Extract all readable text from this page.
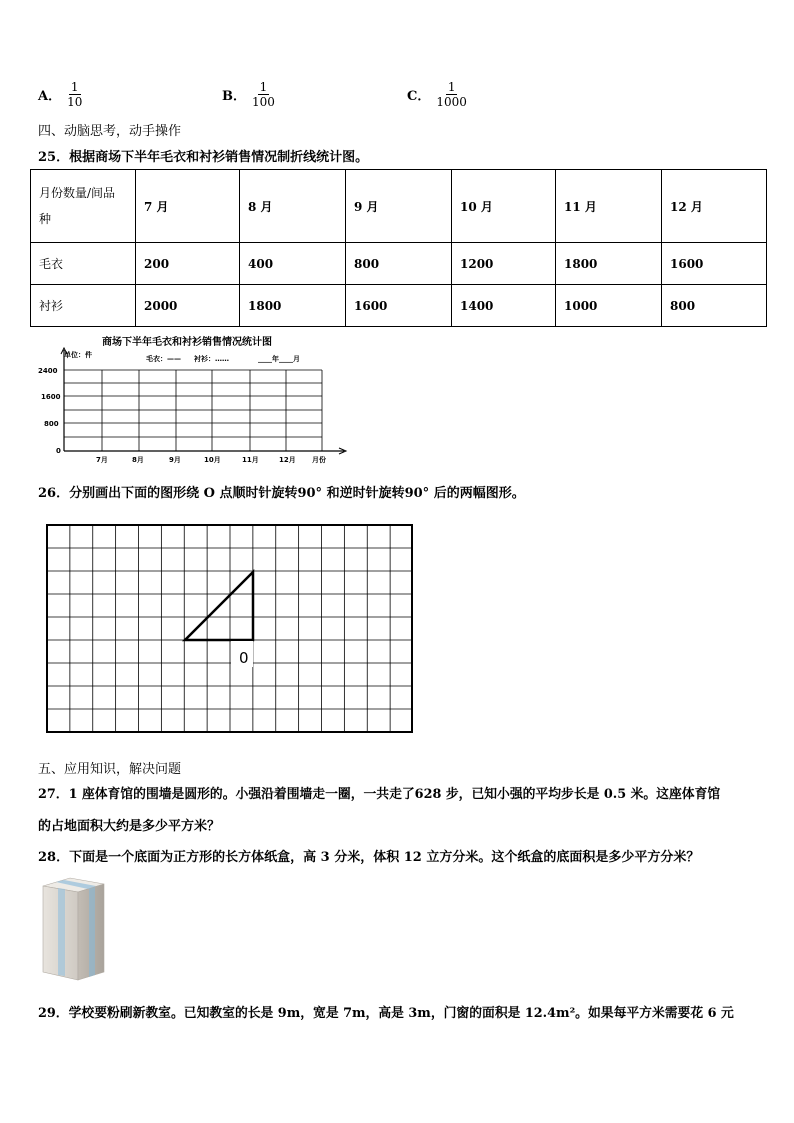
A． $\frac{1}{10}$	B． $\frac{1}{100}$	C． $\frac{1}{1000}$
四、动脑思考，动手操作
25．根据商场下半年毛衣和衬衫销售情况制折线统计图。
月份数量/间品
种	7 月	8 月	9 月	10 月	11 月	12 月
毛衣	200	400	800	1200	1800	1600
衬衫	2000	1800	1600	1400	1000	800
商场下半年毛衣和衬衫销售情况统计图
单位：件	毛衣：—— 衬衫：……	____年____月
2400
1600
800
0
7月	8月	9月	10月	11月	12月 月份
26．分别画出下面的图形绕 O 点顺时针旋转90° 和逆时针旋转90° 后的两幅图形。
0
五、应用知识，解决问题
27．1 座体育馆的围墙是圆形的。小强沿着围墙走一圈，一共走了628 步，已知小强的平均步长是 0.5 米。这座体育馆
的占地面积大约是多少平方米？
28．下面是一个底面为正方形的长方体纸盒，高 3 分米，体积 12 立方分米。这个纸盒的底面积是多少平方分米？
29．学校要粉刷新教室。已知教室的长是 9m，宽是 7m，高是 3m，门窗的面积是 12.4m²。如果每平方米需要花 6 元
